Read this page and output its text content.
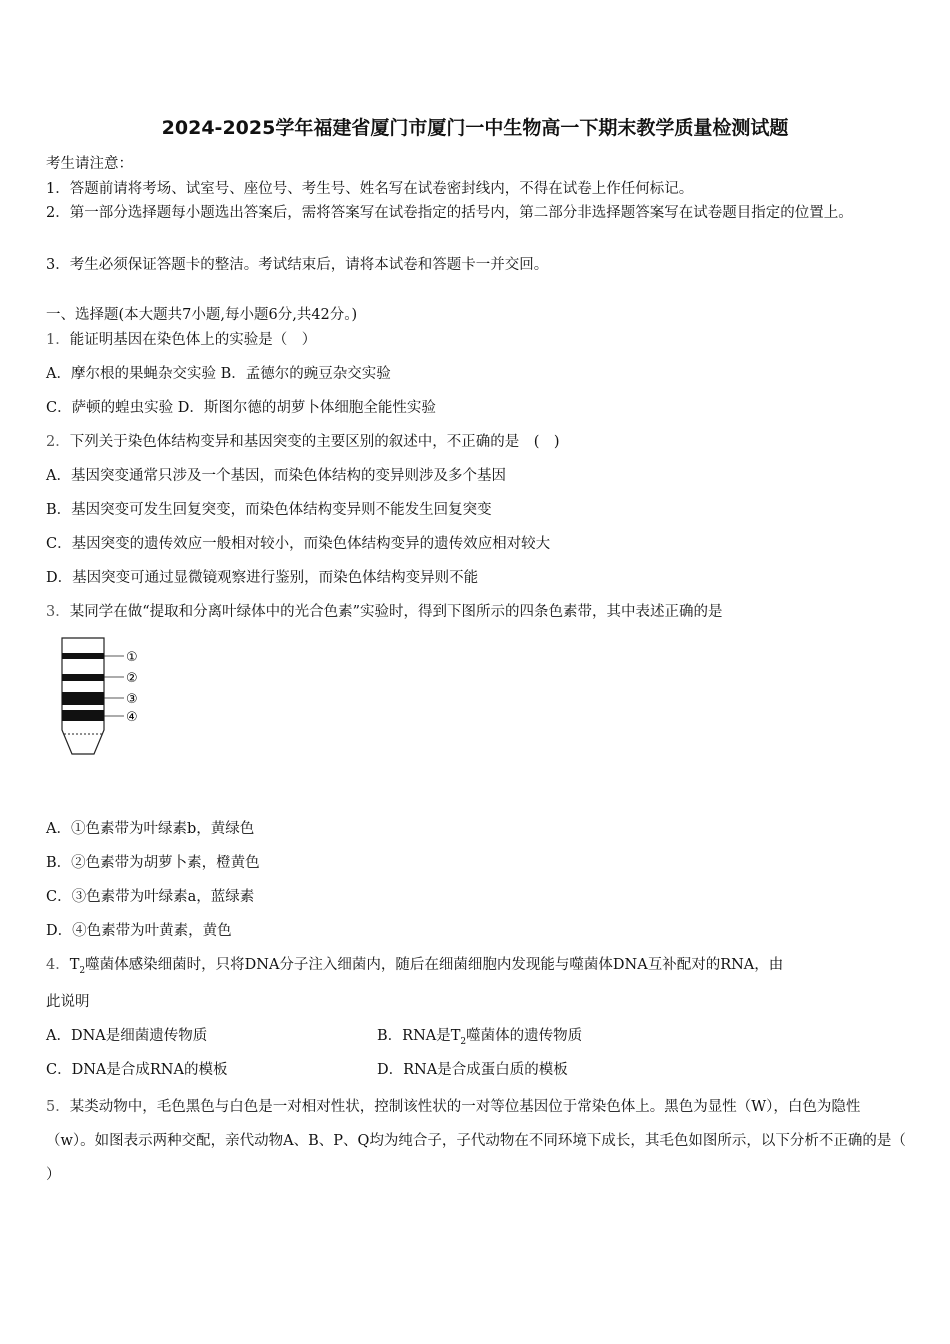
2024-2025学年福建省厦门市厦门一中生物高一下期末教学质量检测试题
考生请注意：
1．答题前请将考场、试室号、座位号、考生号、姓名写在试卷密封线内，不得在试卷上作任何标记。
2．第一部分选择题每小题选出答案后，需将答案写在试卷指定的括号内，第二部分非选择题答案写在试卷题目指定的位置上。
3．考生必须保证答题卡的整洁。考试结束后，请将本试卷和答题卡一并交回。
一、选择题(本大题共7小题,每小题6分,共42分。)
1．能证明基因在染色体上的实验是（　）
A．摩尔根的果蝇杂交实验 B．孟德尔的豌豆杂交实验
C．萨顿的蝗虫实验 D．斯图尔德的胡萝卜体细胞全能性实验
2．下列关于染色体结构变异和基因突变的主要区别的叙述中，不正确的是　(　)
A．基因突变通常只涉及一个基因，而染色体结构的变异则涉及多个基因
B．基因突变可发生回复突变，而染色体结构变异则不能发生回复突变
C．基因突变的遗传效应一般相对较小，而染色体结构变异的遗传效应相对较大
D．基因突变可通过显微镜观察进行鉴别，而染色体结构变异则不能
3．某同学在做“提取和分离叶绿体中的光合色素”实验时，得到下图所示的四条色素带，其中表述正确的是
①
②
③
④
A．①色素带为叶绿素b，黄绿色
B．②色素带为胡萝卜素，橙黄色
C．③色素带为叶绿素a，蓝绿素
D．④色素带为叶黄素，黄色
4．$T_2$噬菌体感染细菌时，只将DNA分子注入细菌内，随后在细菌细胞内发现能与噬菌体DNA互补配对的RNA，由
此说明
A．DNA是细菌遗传物质	B．RNA是$T_2$噬菌体的遗传物质
C．DNA是合成RNA的模板	D．RNA是合成蛋白质的模板
5．某类动物中，毛色黑色与白色是一对相对性状，控制该性状的一对等位基因位于常染色体上。黑色为显性（W），白色为隐性（w）。如图表示两种交配，亲代动物A、B、P、Q均为纯合子，子代动物在不同环境下成长，其毛色如图所示，以下分析不正确的是（ ）
